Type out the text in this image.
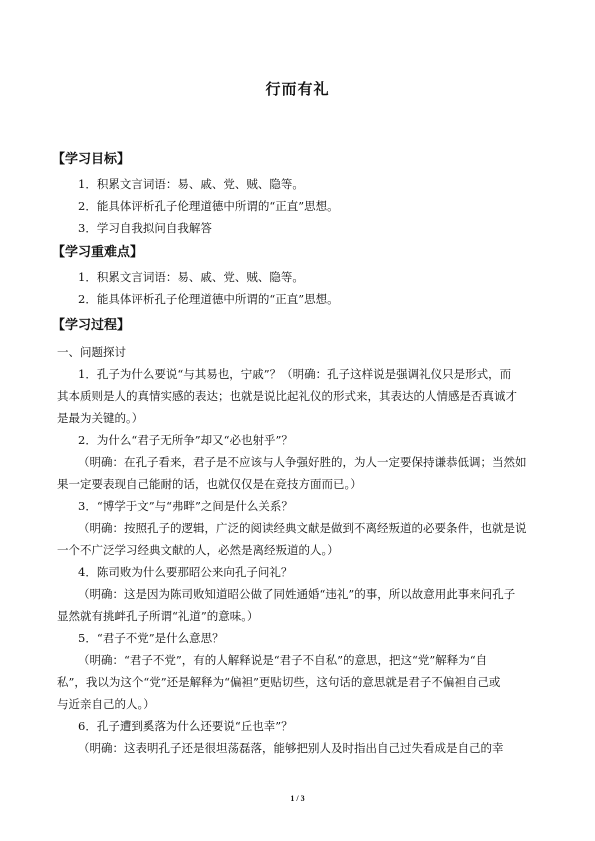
行而有礼
【学习目标】
1．积累文言词语：易、戚、党、贼、隐等。
2．能具体评析孔子伦理道德中所谓的“正直”思想。
3．学习自我拟问自我解答
【学习重难点】
1．积累文言词语：易、戚、党、贼、隐等。
2．能具体评析孔子伦理道德中所谓的“正直”思想。
【学习过程】
一、问题探讨
1．孔子为什么要说“与其易也，宁戚”？（明确：孔子这样说是强调礼仪只是形式，而
其本质则是人的真情实感的表达；也就是说比起礼仪的形式来，其表达的人情感是否真诚才
是最为关键的。）
2．为什么“君子无所争”却又“必也射乎”？
（明确：在孔子看来，君子是不应该与人争强好胜的，为人一定要保持谦恭低调；当然如
果一定要表现自己能耐的话，也就仅仅是在竞技方面而已。）
3．“博学于文”与“弗畔”之间是什么关系？
（明确：按照孔子的逻辑，广泛的阅读经典文献是做到不离经叛道的必要条件，也就是说
一个不广泛学习经典文献的人，必然是离经叛道的人。）
4．陈司败为什么要那昭公来向孔子问礼？
（明确：这是因为陈司败知道昭公做了同姓通婚“违礼”的事，所以故意用此事来问孔子
显然就有挑衅孔子所谓“礼道”的意味。）
5．“君子不党”是什么意思？
（明确：“君子不党”，有的人解释说是“君子不自私”的意思，把这“党”解释为“自
私”，我以为这个“党”还是解释为“偏袒”更贴切些，这句话的意思就是君子不偏袒自己或
与近亲自己的人。）
6．孔子遭到奚落为什么还要说“丘也幸”？
（明确：这表明孔子还是很坦荡磊落，能够把别人及时指出自己过失看成是自己的幸
1 / 3
